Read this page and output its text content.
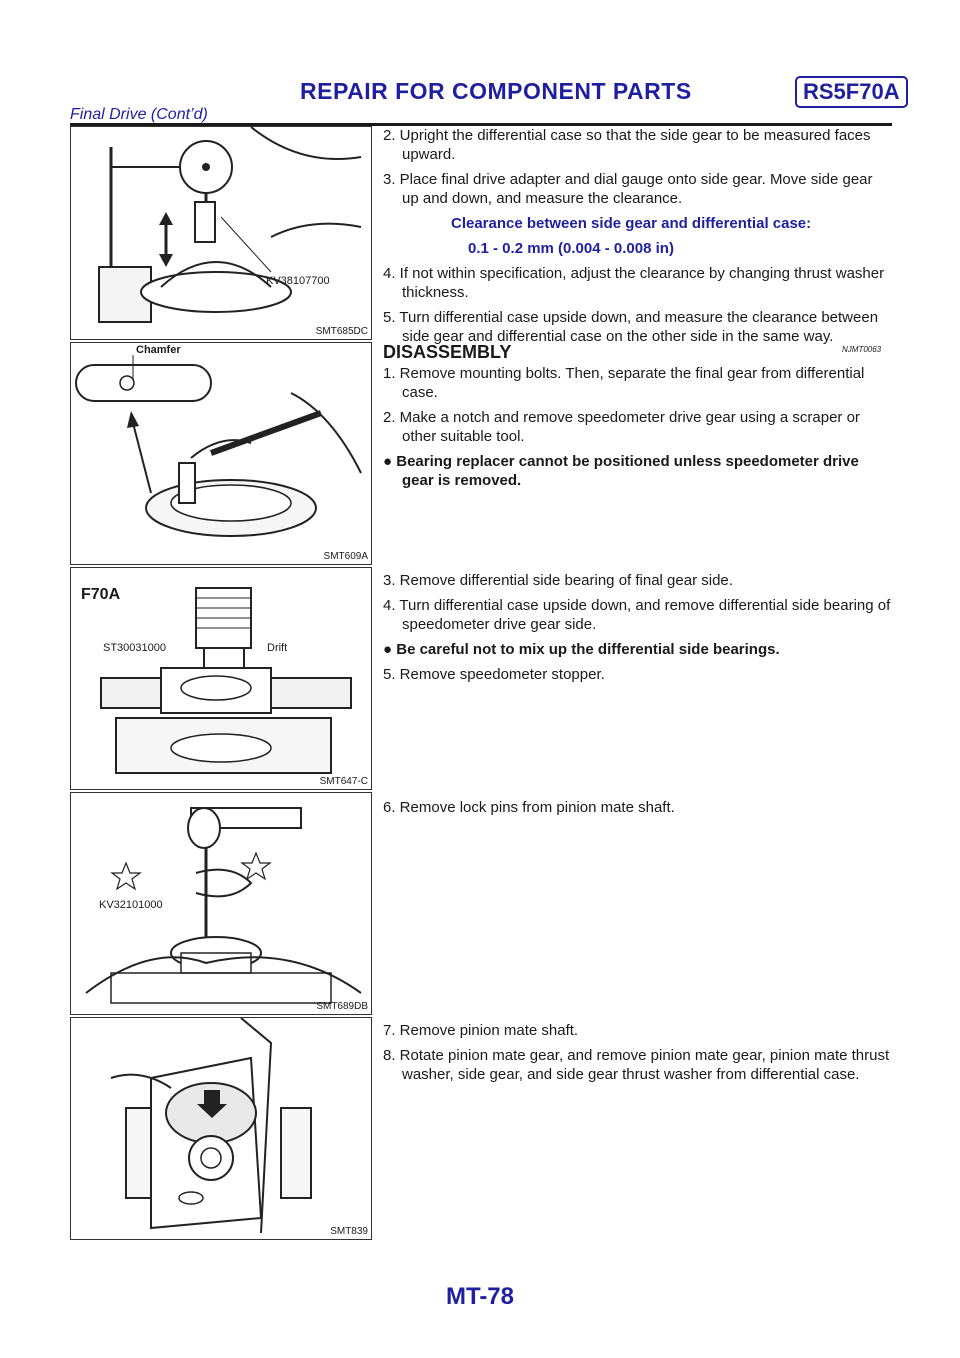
REPAIR FOR COMPONENT PARTS	RS5F70A
Final Drive (Cont’d)
KV38107700
SMT685DC
Chamfer
SMT609A
F70A
ST30031000	Drift
SMT647-C
KV32101000
SMT689DB
SMT839

2. Upright the differential case so that the side gear to be measured faces upward.

3. Place final drive adapter and dial gauge onto side gear. Move side gear up and down, and measure the clearance.

Clearance between side gear and differential case:

0.1 - 0.2 mm (0.004 - 0.008 in)

4. If not within specification, adjust the clearance by changing thrust washer thickness.

5. Turn differential case upside down, and measure the clearance between side gear and differential case on the other side in the same way.

DISASSEMBLY	NJMT0063

1. Remove mounting bolts. Then, separate the final gear from differential case.

2. Make a notch and remove speedometer drive gear using a scraper or other suitable tool.

● Bearing replacer cannot be positioned unless speedometer drive gear is removed.

3. Remove differential side bearing of final gear side.

4. Turn differential case upside down, and remove differential side bearing of speedometer drive gear side.

● Be careful not to mix up the differential side bearings.

5. Remove speedometer stopper.

6. Remove lock pins from pinion mate shaft.

7. Remove pinion mate shaft.

8. Rotate pinion mate gear, and remove pinion mate gear, pinion mate thrust washer, side gear, and side gear thrust washer from differential case.

MT-78
